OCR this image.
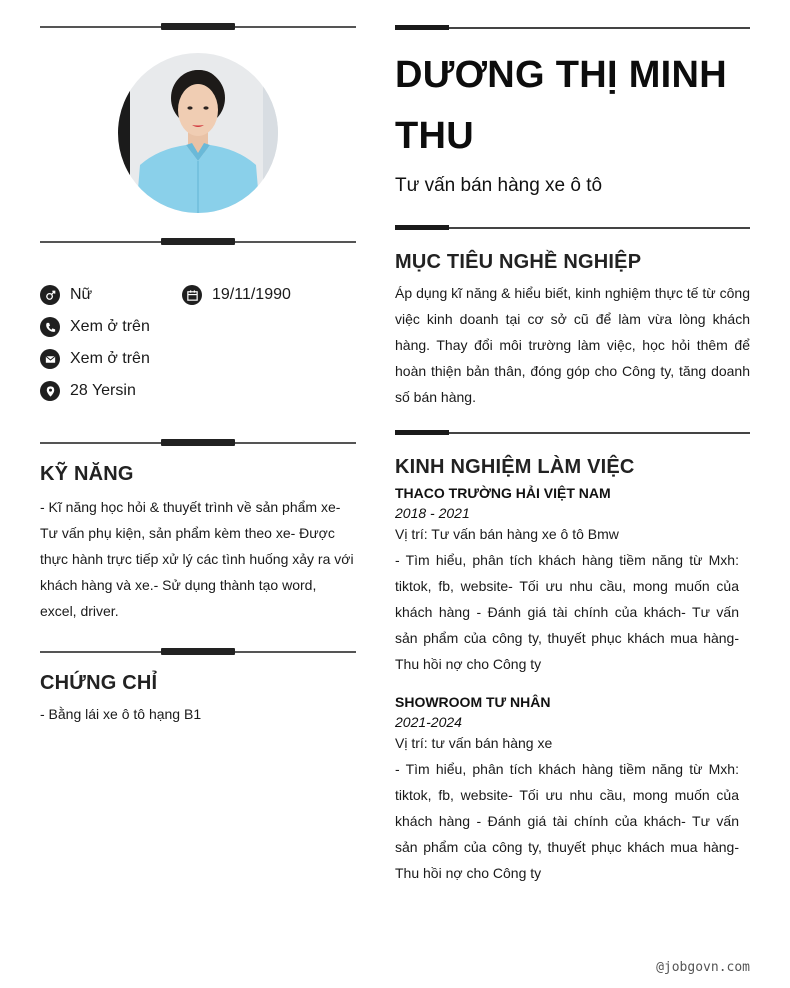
Nữ	19/11/1990
Xem ở trên
Xem ở trên
28 Yersin
KỸ NĂNG
- Kĩ năng học hỏi & thuyết trình về sản phẩm xe- Tư vấn phụ kiện, sản phẩm kèm theo xe- Được thực hành trực tiếp xử lý các tình huống xảy ra với khách hàng và xe.- Sử dụng thành tạo word, excel, driver.
CHỨNG CHỈ
- Bằng lái xe ô tô hạng B1
DƯƠNG THỊ MINH THU
Tư vấn bán hàng xe ô tô
MỤC TIÊU NGHỀ NGHIỆP
Áp dụng kĩ năng & hiểu biết, kinh nghiệm thực tế từ công việc kinh doanh tại cơ sở cũ để làm vừa lòng khách hàng. Thay đổi môi trường làm việc, học hỏi thêm để hoàn thiện bản thân, đóng góp cho Công ty, tăng doanh số bán hàng.
KINH NGHIỆM LÀM VIỆC
THACO TRƯỜNG HẢI VIỆT NAM
2018 - 2021
Vị trí: Tư vấn bán hàng xe ô tô Bmw
- Tìm hiểu, phân tích khách hàng tiềm năng từ Mxh: tiktok, fb, website- Tối ưu nhu cầu, mong muốn của khách hàng - Đánh giá tài chính của khách- Tư vấn sản phẩm của công ty, thuyết phục khách mua hàng- Thu hồi nợ cho Công ty
SHOWROOM TƯ NHÂN
2021-2024
Vị trí: tư vấn bán hàng xe
- Tìm hiểu, phân tích khách hàng tiềm năng từ Mxh: tiktok, fb, website- Tối ưu nhu cầu, mong muốn của khách hàng - Đánh giá tài chính của khách- Tư vấn sản phẩm của công ty, thuyết phục khách mua hàng- Thu hồi nợ cho Công ty
@jobgovn.com
